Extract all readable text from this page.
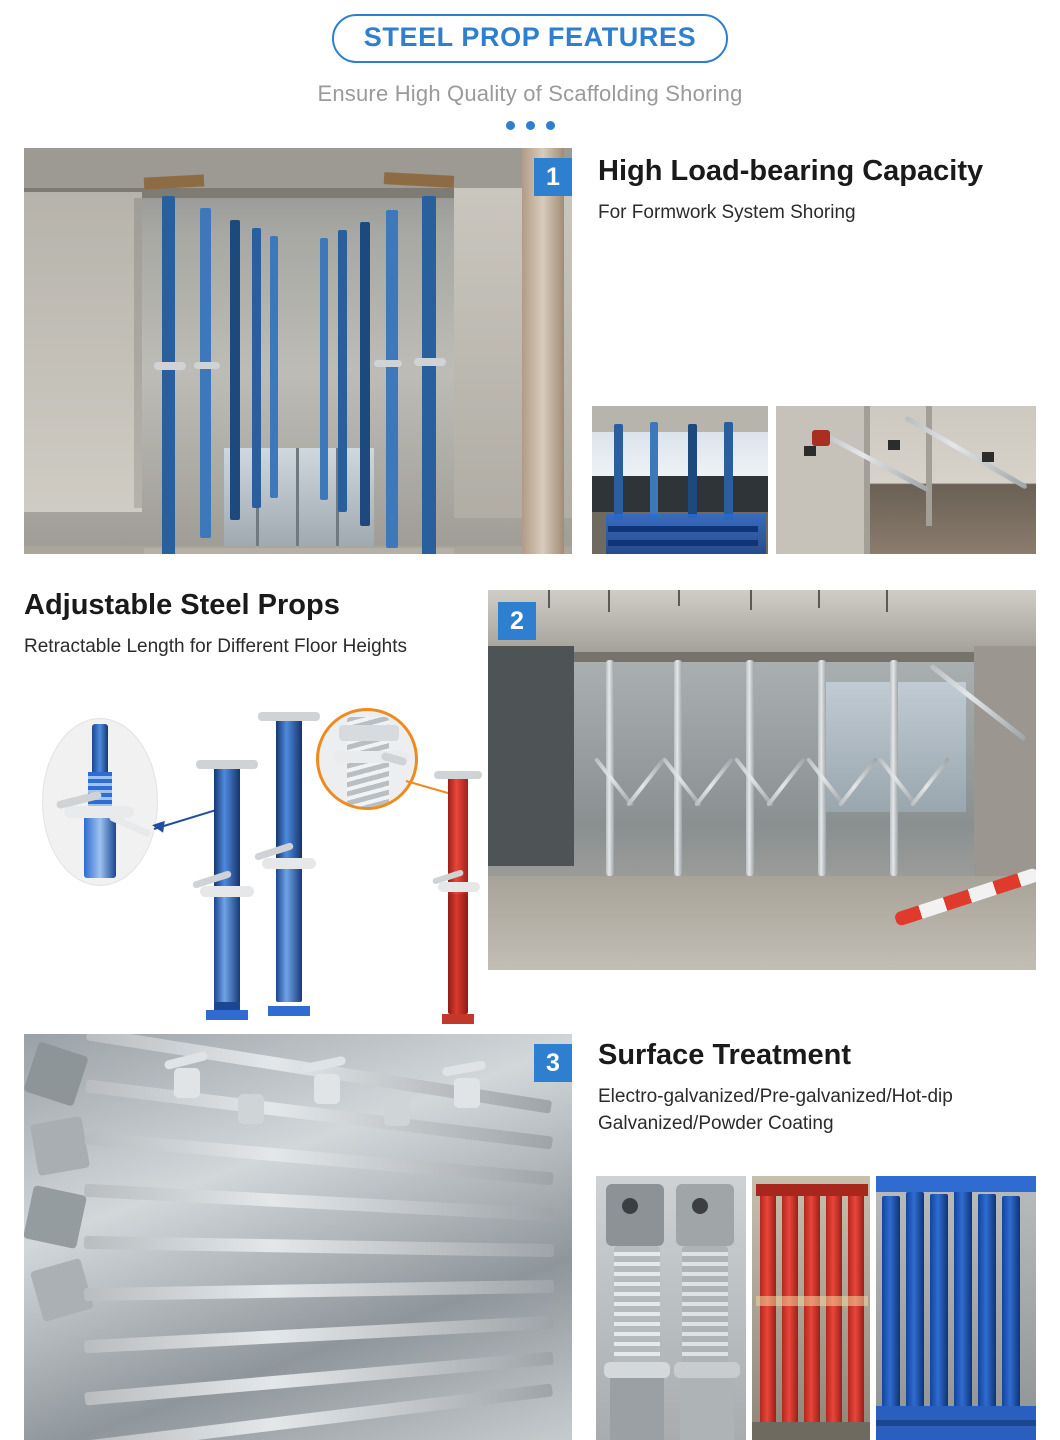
STEEL PROP FEATURES
Ensure High Quality of Scaffolding Shoring
1	High Load-bearing Capacity
For Formwork System Shoring
Adjustable Steel Props
Retractable Length for Different Floor Heights
2
3	Surface Treatment
Electro-galvanized/Pre-galvanized/Hot-dip Galvanized/Powder Coating
